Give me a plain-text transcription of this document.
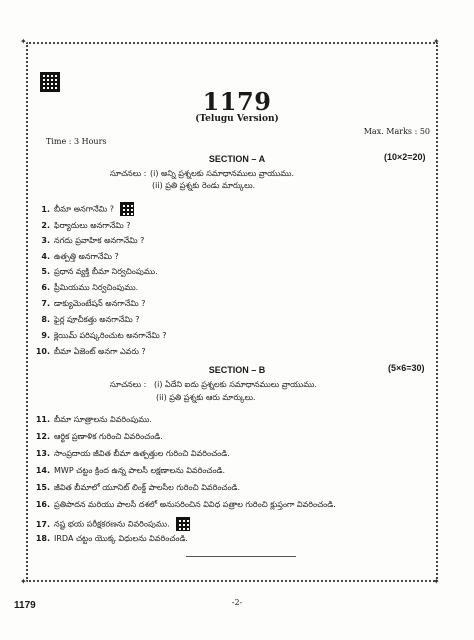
✦	✦
✦	✦
1179
(Telugu Version)
Time : 3 Hours
Max. Marks : 50
SECTION – A	(10×2=20)
సూచనలు : (i) అన్ని ప్రశ్నలకు సమాధానములు వ్రాయుము.
(ii) ప్రతి ప్రశ్నకు రెండు మార్కులు.
1. బీమా అనగానేమి ?
2. ఫిర్యాదులు అనగానేమి ?
3. నగదు ప్రవాహిక అనగానేమి ?
4. ఉత్పత్తి అనగానేమి ?
5. ప్రధాన వ్యక్తి బీమా నిర్వచింపుము.
6. ప్రీమియము నిర్వచింపుము.
7. డాక్యుమెంటేషన్ అనగానేమి ?
8. ఫైర్ల పూచీకత్తు అనగానేమి ?
9. క్లెయిమ్ పరిష్కరించుట అనగానేమి ?
10. బీమా ఏజెంట్ అనగా ఎవరు ?
SECTION – B	(5×6=30)
సూచనలు : (i) ఏదేని ఐదు ప్రశ్నలకు సమాధానములు వ్రాయుము.
(ii) ప్రతి ప్రశ్నకు ఆరు మార్కులు.
11. బీమా సూత్రాలను వివరింపుము.
12. ఆర్థిక ప్రణాళిక గురించి వివరించండి.
13. సాంప్రదాయ జీవిత బీమా ఉత్పత్తుల గురించి వివరించండి.
14. MWP చట్టం క్రింద ఉన్న పాలసీ లక్షణాలను వివరించండి.
15. జీవిత బీమాలో యూనిట్ లింక్డ్ పాలసీల గురించి వివరించండి.
16. ప్రతిపాదన మరియు పాలసీ దశలో అనుసరించిన వివిధ పత్రాల గురించి క్లుప్తంగా వివరించండి.
17. నష్ట భయ పరీక్షకరణను వివరింపుము.
18. IRDA చట్టం యొక్క విధులను వివరించండి.
1179	-2-
